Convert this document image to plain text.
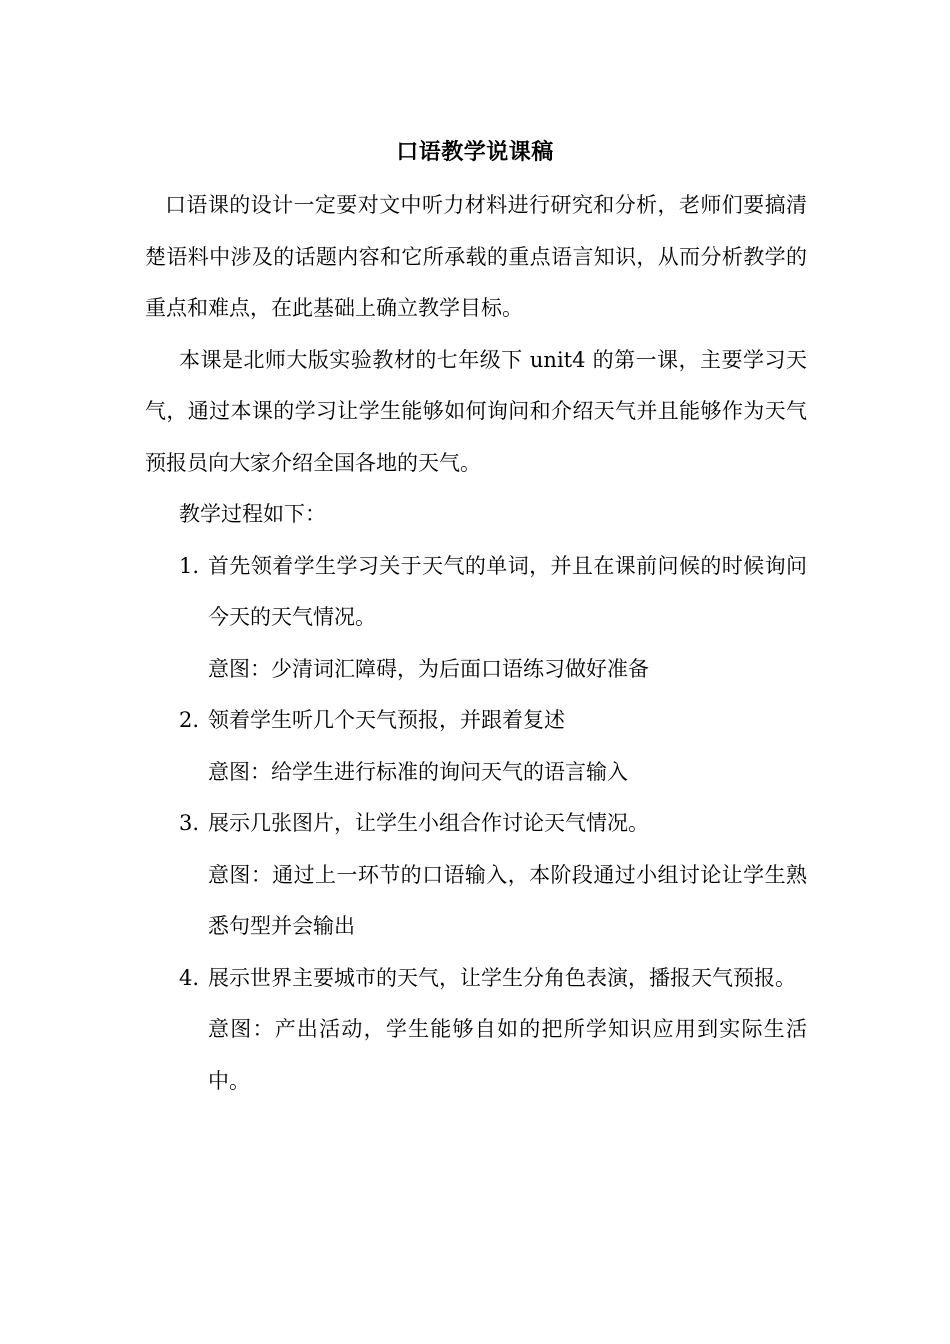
口语教学说课稿

口语课的设计一定要对文中听力材料进行研究和分析，老师们要搞清楚语料中涉及的话题内容和它所承载的重点语言知识，从而分析教学的重点和难点，在此基础上确立教学目标。

本课是北师大版实验教材的七年级下 unit4 的第一课，主要学习天气，通过本课的学习让学生能够如何询问和介绍天气并且能够作为天气预报员向大家介绍全国各地的天气。

教学过程如下：

1. 首先领着学生学习关于天气的单词，并且在课前问候的时候询问今天的天气情况。
意图：少清词汇障碍，为后面口语练习做好准备
2. 领着学生听几个天气预报，并跟着复述
意图：给学生进行标准的询问天气的语言输入
3. 展示几张图片，让学生小组合作讨论天气情况。
意图：通过上一环节的口语输入，本阶段通过小组讨论让学生熟悉句型并会输出
4. 展示世界主要城市的天气，让学生分角色表演，播报天气预报。
意图：产出活动，学生能够自如的把所学知识应用到实际生活中。
